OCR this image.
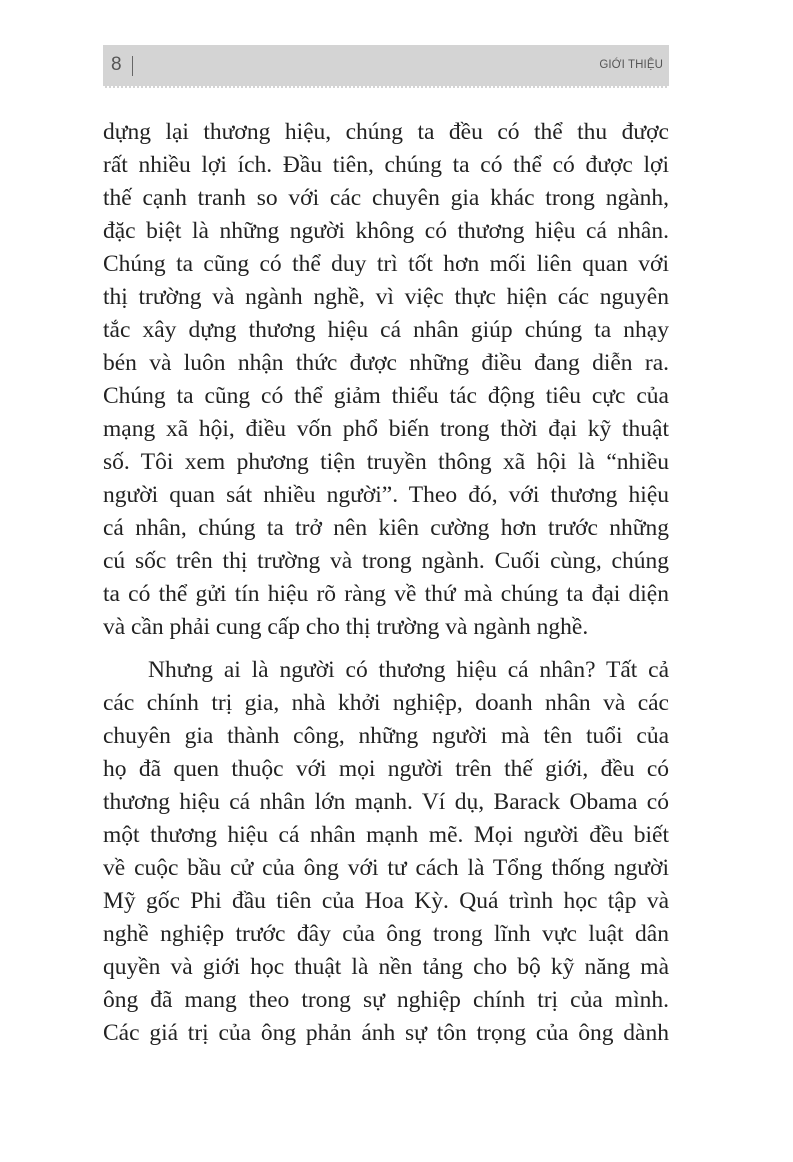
8	GIỚI THIỆU
dựng lại thương hiệu, chúng ta đều có thể thu được
rất nhiều lợi ích. Đầu tiên, chúng ta có thể có được lợi
thế cạnh tranh so với các chuyên gia khác trong ngành,
đặc biệt là những người không có thương hiệu cá nhân.
Chúng ta cũng có thể duy trì tốt hơn mối liên quan với
thị trường và ngành nghề, vì việc thực hiện các nguyên
tắc xây dựng thương hiệu cá nhân giúp chúng ta nhạy
bén và luôn nhận thức được những điều đang diễn ra.
Chúng ta cũng có thể giảm thiểu tác động tiêu cực của
mạng xã hội, điều vốn phổ biến trong thời đại kỹ thuật
số. Tôi xem phương tiện truyền thông xã hội là “nhiều
người quan sát nhiều người”. Theo đó, với thương hiệu
cá nhân, chúng ta trở nên kiên cường hơn trước những
cú sốc trên thị trường và trong ngành. Cuối cùng, chúng
ta có thể gửi tín hiệu rõ ràng về thứ mà chúng ta đại diện
và cần phải cung cấp cho thị trường và ngành nghề.
Nhưng ai là người có thương hiệu cá nhân? Tất cả
các chính trị gia, nhà khởi nghiệp, doanh nhân và các
chuyên gia thành công, những người mà tên tuổi của
họ đã quen thuộc với mọi người trên thế giới, đều có
thương hiệu cá nhân lớn mạnh. Ví dụ, Barack Obama có
một thương hiệu cá nhân mạnh mẽ. Mọi người đều biết
về cuộc bầu cử của ông với tư cách là Tổng thống người
Mỹ gốc Phi đầu tiên của Hoa Kỳ. Quá trình học tập và
nghề nghiệp trước đây của ông trong lĩnh vực luật dân
quyền và giới học thuật là nền tảng cho bộ kỹ năng mà
ông đã mang theo trong sự nghiệp chính trị của mình.
Các giá trị của ông phản ánh sự tôn trọng của ông dành
